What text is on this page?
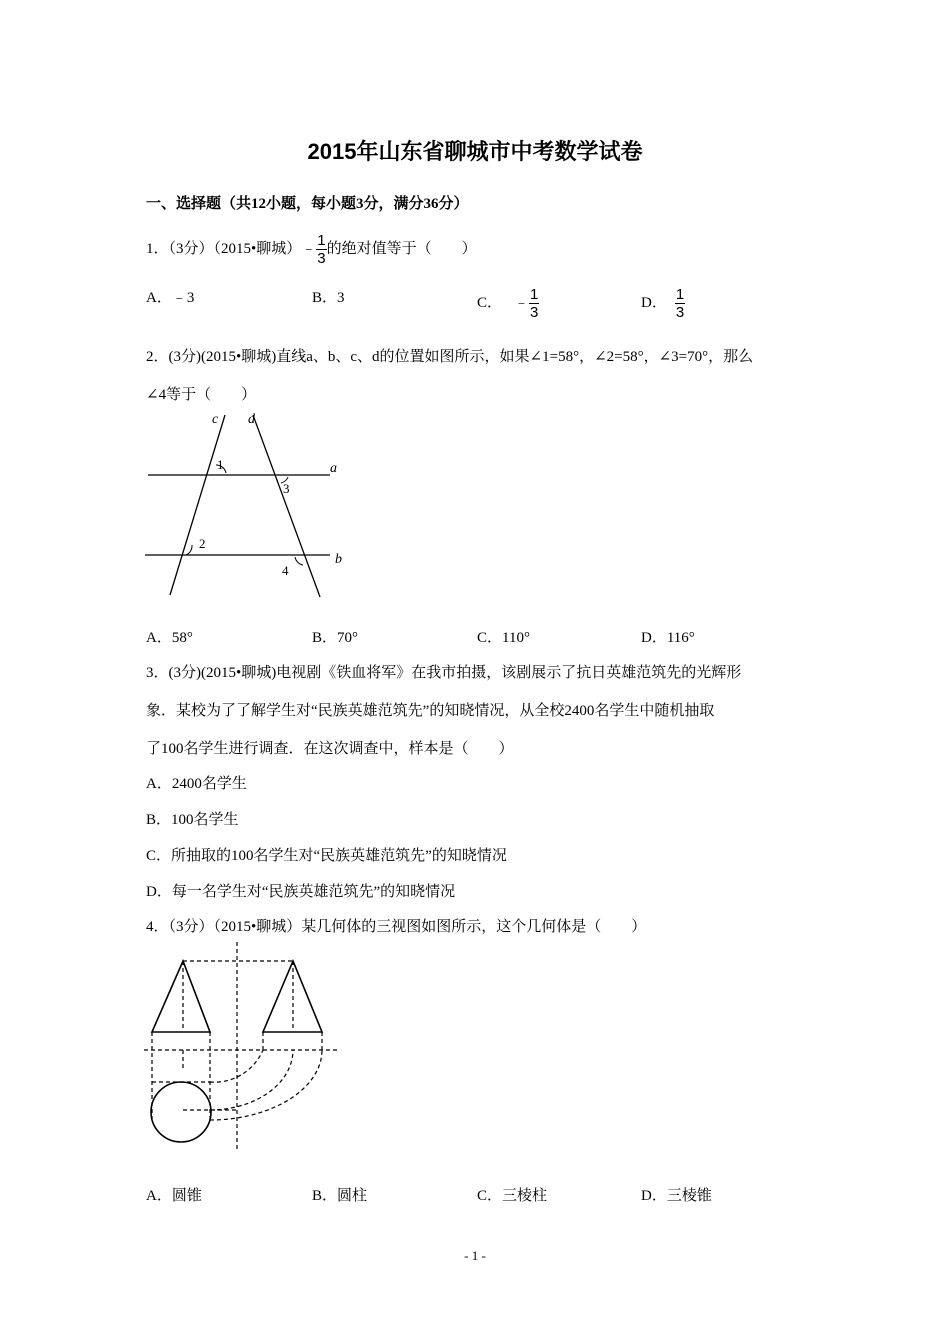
2015年山东省聊城市中考数学试卷
一、选择题（共12小题，每小题3分，满分36分）
1．（3分）（2015•聊城）﹣ $\frac{1}{3}$ 的绝对值等于（　　）
A．﹣3	B．3	C． ﹣ $\frac{1}{3}$	D． $\frac{1}{3}$
2．(3分)(2015•聊城)直线a、b、c、d的位置如图所示，如果∠1=58°，∠2=58°，∠3=70°，那么
∠4等于（　　）
c d
a
b
1
2
3
4
A．58°	B．70°	C．110°	D．116°
3．(3分)(2015•聊城)电视剧《铁血将军》在我市拍摄，该剧展示了抗日英雄范筑先的光辉形
象．某校为了了解学生对“民族英雄范筑先”的知晓情况，从全校2400名学生中随机抽取
了100名学生进行调查．在这次调查中，样本是（　　）
A．2400名学生
B．100名学生
C．所抽取的100名学生对“民族英雄范筑先”的知晓情况
D．每一名学生对“民族英雄范筑先”的知晓情况
4．（3分）（2015•聊城）某几何体的三视图如图所示，这个几何体是（　　）
A．圆锥	B．圆柱	C．三棱柱	D．三棱锥
- 1 -
